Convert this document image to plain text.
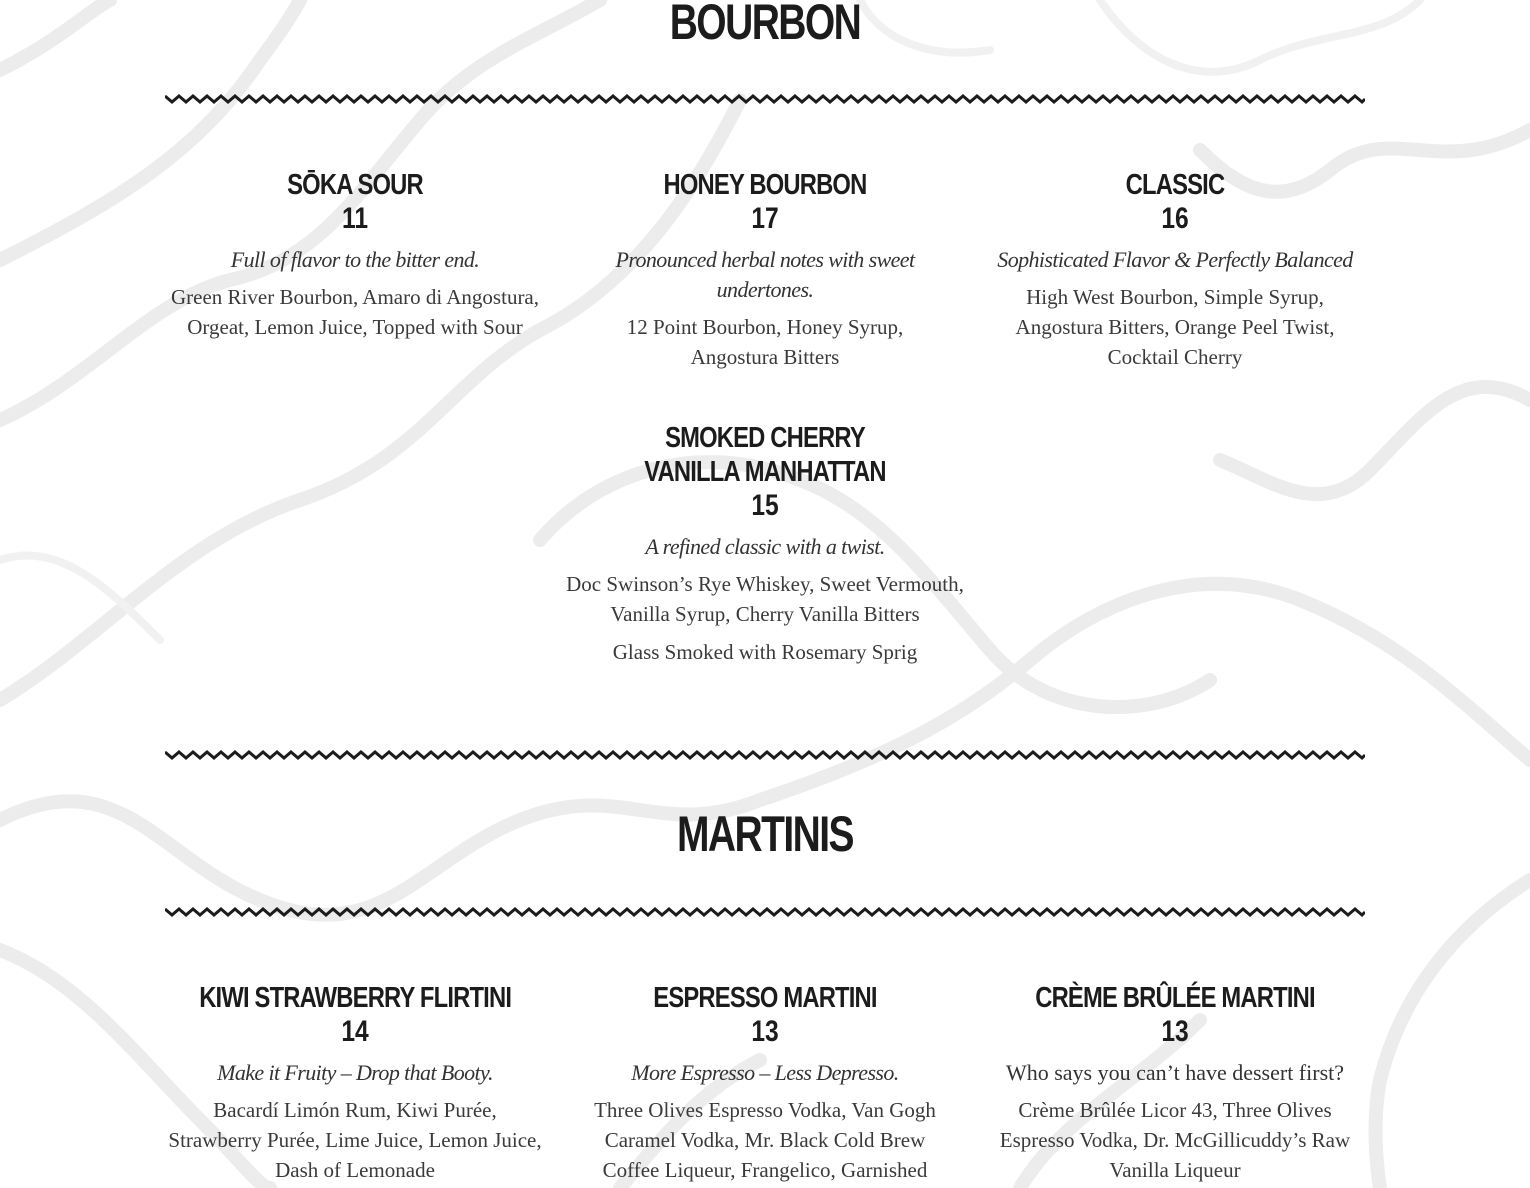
BOURBON
SŌKA SOUR
11
Full of flavor to the bitter end.
Green River Bourbon, Amaro di Angostura, Orgeat, Lemon Juice, Topped with Sour
HONEY BOURBON
17
Pronounced herbal notes with sweet undertones.
12 Point Bourbon, Honey Syrup, Angostura Bitters
CLASSIC
16
Sophisticated Flavor & Perfectly Balanced
High West Bourbon, Simple Syrup, Angostura Bitters, Orange Peel Twist, Cocktail Cherry
SMOKED CHERRY VANILLA MANHATTAN
15
A refined classic with a twist.
Doc Swinson’s Rye Whiskey, Sweet Vermouth, Vanilla Syrup, Cherry Vanilla Bitters
Glass Smoked with Rosemary Sprig
MARTINIS
KIWI STRAWBERRY FLIRTINI
14
Make it Fruity – Drop that Booty.
Bacardí Limón Rum, Kiwi Purée, Strawberry Purée, Lime Juice, Lemon Juice, Dash of Lemonade
ESPRESSO MARTINI
13
More Espresso – Less Depresso.
Three Olives Espresso Vodka, Van Gogh Caramel Vodka, Mr. Black Cold Brew Coffee Liqueur, Frangelico, Garnished
CRÈME BRÛLÉE MARTINI
13
Who says you can’t have dessert first?
Crème Brûlée Licor 43, Three Olives Espresso Vodka, Dr. McGillicuddy’s Raw Vanilla Liqueur
